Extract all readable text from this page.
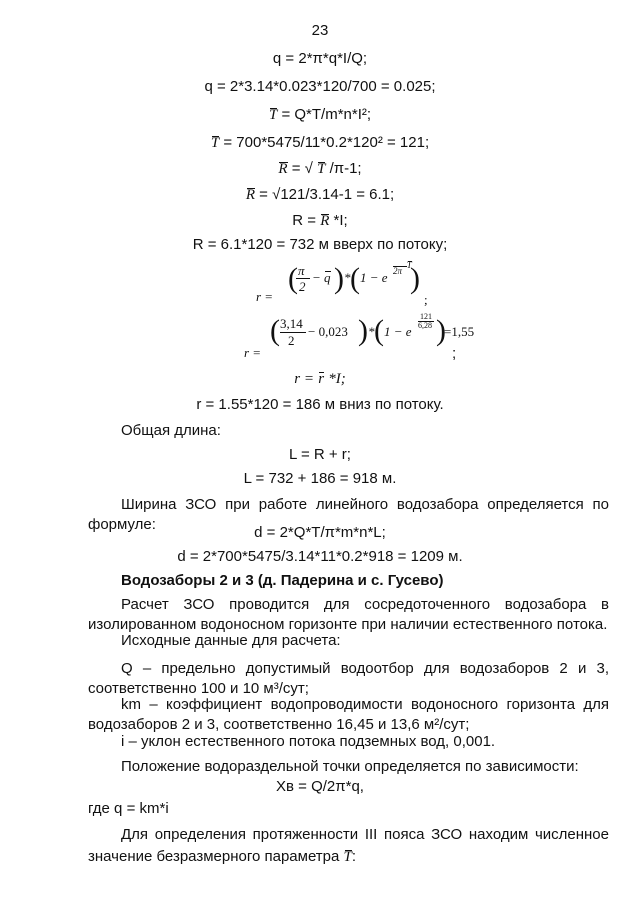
23
q = 2*π*q*I/Q;
q = 2*3.14*0.023*120/700 = 0.025;
T = Q*T/m*n*I²;
T = 700*5475/11*0.2*120² = 121;
R = √ T /π-1;
R = √121/3.14-1 = 6.1;
R = R *I;
R = 6.1*120 = 732 м вверх по потоку;
r =
( π
2
− q ) * ( 1 − e
T
2π )
;
r =
( 3,14
2
− 0,023 ) * ( 1 − e
121
6,28 )
=1,55
;
r = r *I;
r = 1.55*120 = 186 м вниз по потоку.
Общая длина:
L = R + r;
L = 732 + 186 = 918 м.
Ширина ЗСО при работе линейного водозабора определяется по
формуле:	d = 2*Q*T/π*m*n*L;
d = 2*700*5475/3.14*11*0.2*918 = 1209 м.
Водозаборы 2 и 3 (д. Падерина и с. Гусево)
Расчет ЗСО проводится для сосредоточенного водозабора в
изолированном водоносном горизонте при наличии естественного потока.
Исходные данные для расчета:
Q – предельно допустимый водоотбор для водозаборов 2 и 3,
соответственно 100 и 10 м³/сут;
km – коэффициент водопроводимости водоносного горизонта для
водозаборов 2 и 3, соответственно 16,45 и 13,6 м²/сут;
i – уклон естественного потока подземных вод, 0,001.
Положение водораздельной точки определяется по зависимости:
Xв = Q/2π*q,
где q = km*i
Для определения протяженности III пояса ЗСО находим численное
значение безразмерного параметра T:
